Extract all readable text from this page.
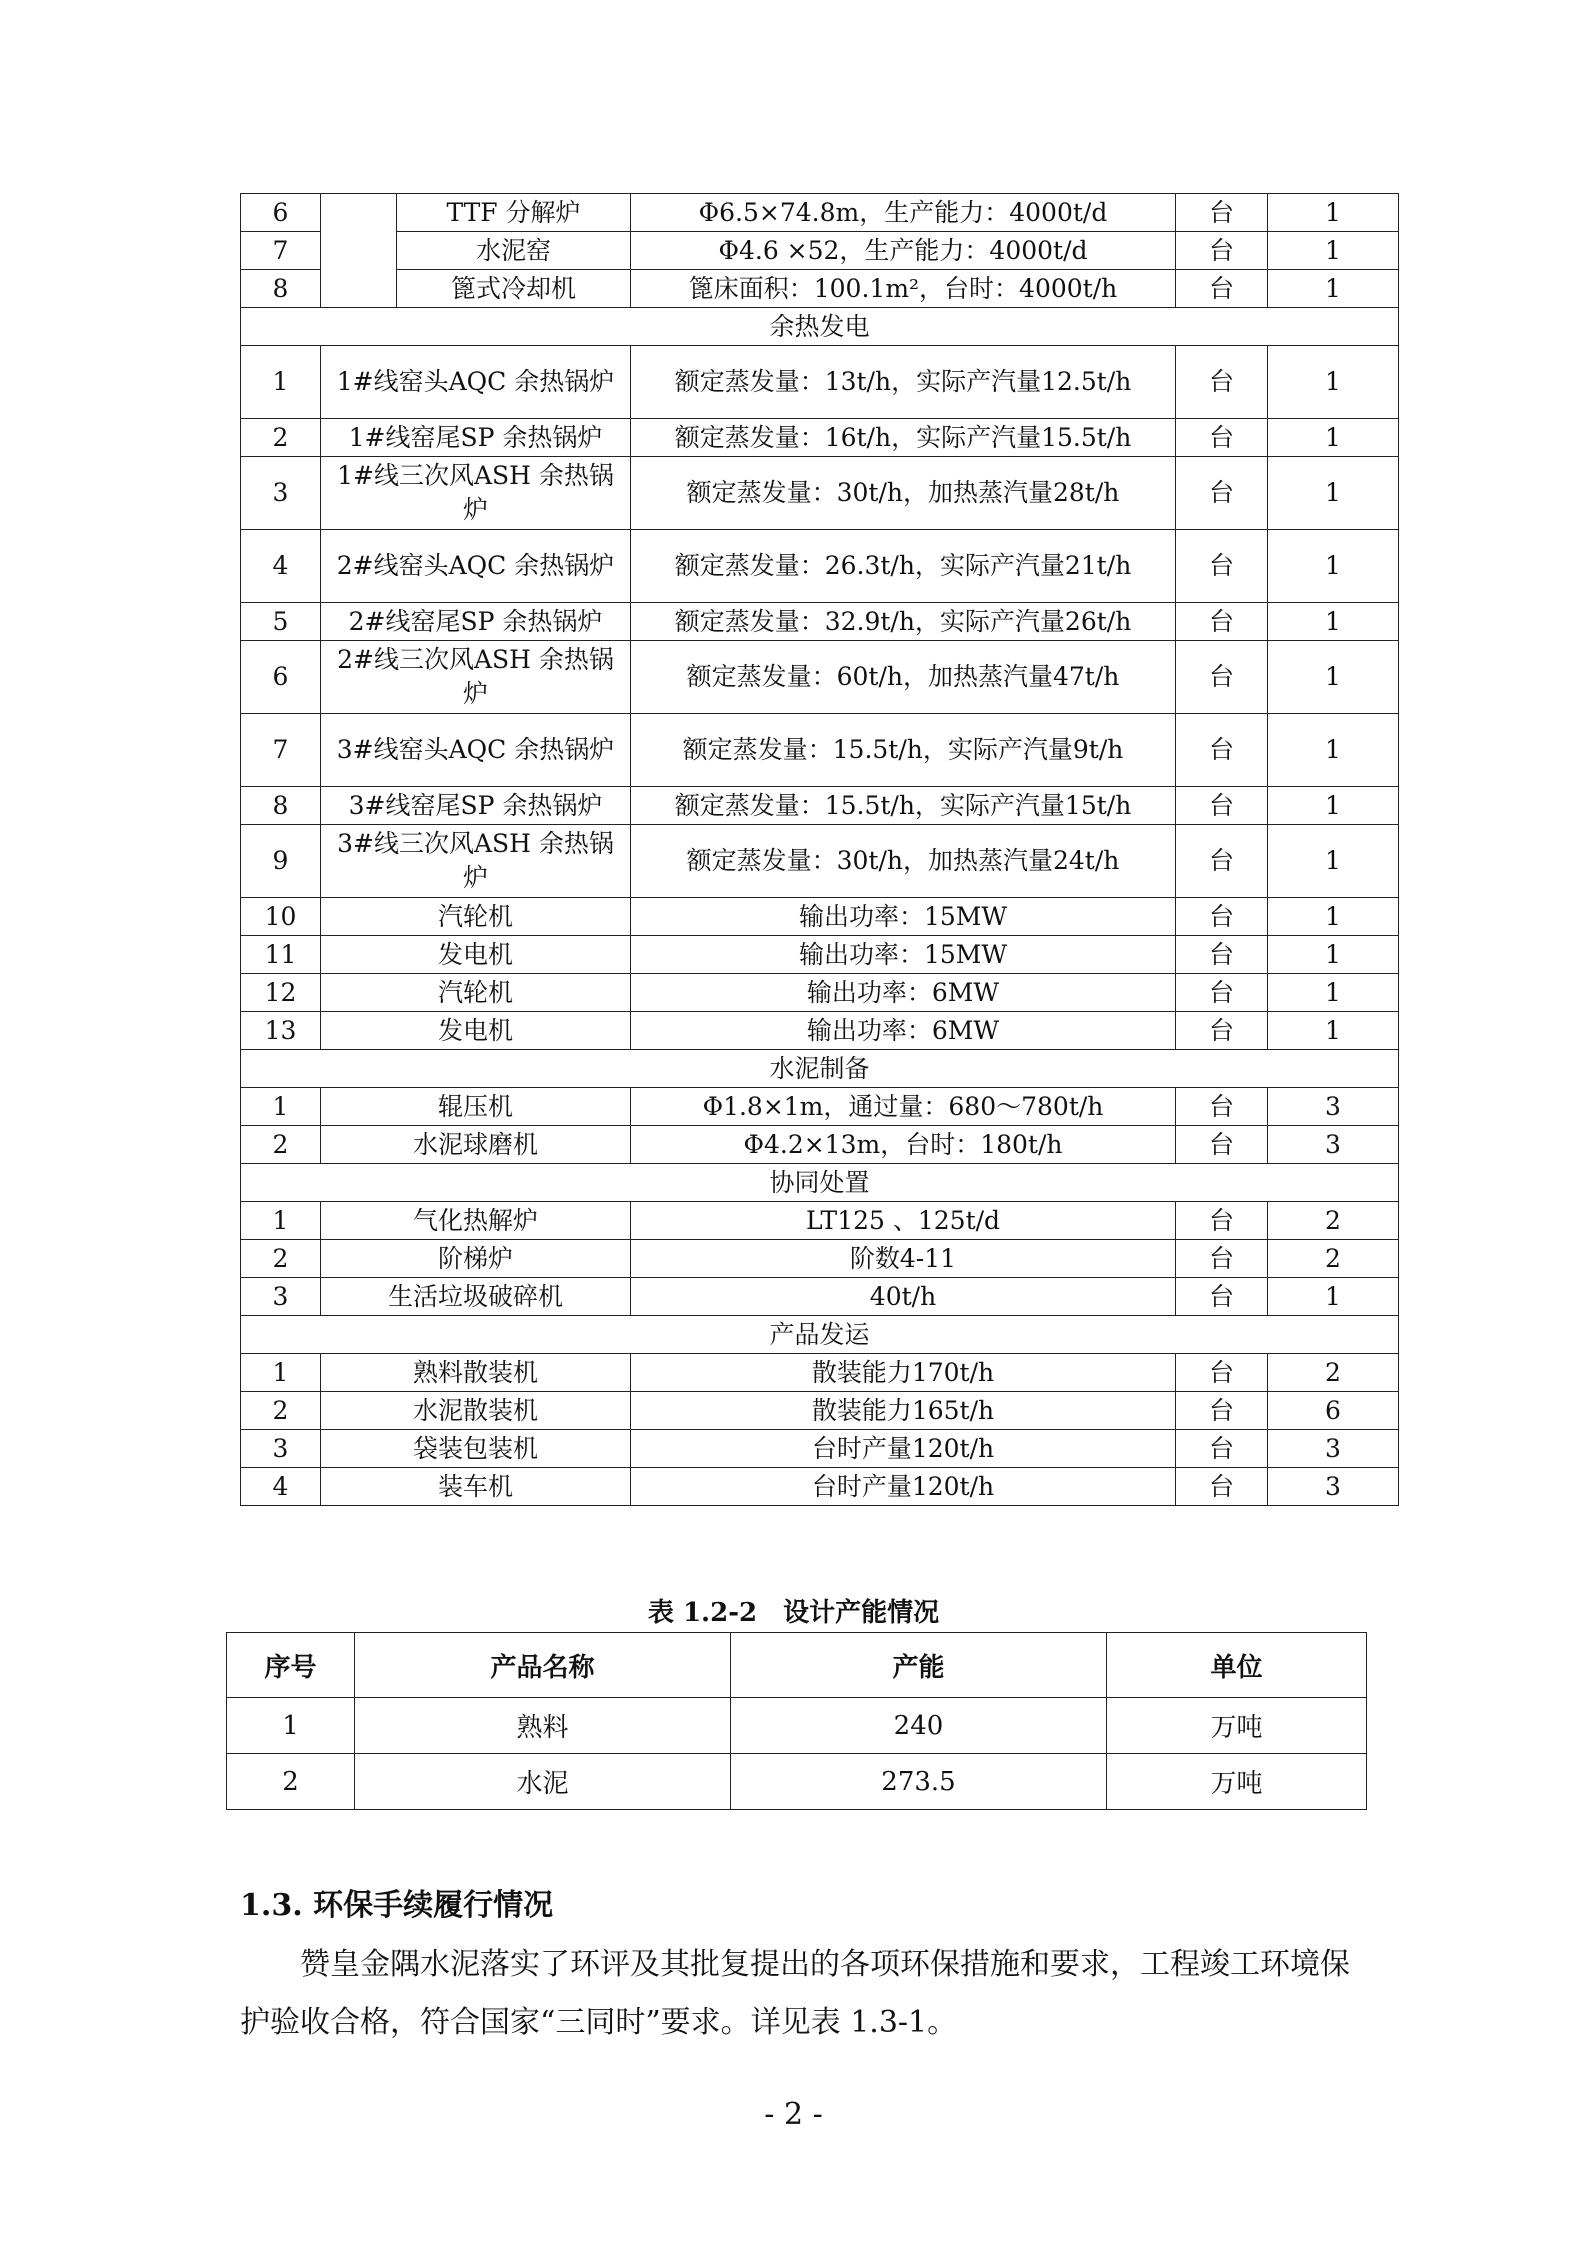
6		TTF 分解炉	Φ6.5×74.8m，生产能力：4000t/d	台	1
7		水泥窑	Φ4.6 ×52，生产能力：4000t/d	台	1
8		篦式冷却机	篦床面积：100.1m²，台时：4000t/h	台	1
余热发电					
1	1#线窑头AQC 余热锅炉		额定蒸发量：13t/h，实际产汽量12.5t/h	台	1
2	1#线窑尾SP 余热锅炉		额定蒸发量：16t/h，实际产汽量15.5t/h	台	1
3	1#线三次风ASH 余热锅炉		额定蒸发量：30t/h，加热蒸汽量28t/h	台	1
4	2#线窑头AQC 余热锅炉		额定蒸发量：26.3t/h，实际产汽量21t/h	台	1
5	2#线窑尾SP 余热锅炉		额定蒸发量：32.9t/h，实际产汽量26t/h	台	1
6	2#线三次风ASH 余热锅炉		额定蒸发量：60t/h，加热蒸汽量47t/h	台	1
7	3#线窑头AQC 余热锅炉		额定蒸发量：15.5t/h，实际产汽量9t/h	台	1
8	3#线窑尾SP 余热锅炉		额定蒸发量：15.5t/h，实际产汽量15t/h	台	1
9	3#线三次风ASH 余热锅炉		额定蒸发量：30t/h，加热蒸汽量24t/h	台	1
10	汽轮机		输出功率：15MW	台	1
11	发电机		输出功率：15MW	台	1
12	汽轮机		输出功率：6MW	台	1
13	发电机		输出功率：6MW	台	1
水泥制备					
1	辊压机		Φ1.8×1m，通过量：680～780t/h	台	3
2	水泥球磨机		Φ4.2×13m，台时：180t/h	台	3
协同处置					
1	气化热解炉		LT125 、125t/d	台	2
2	阶梯炉		阶数4-11	台	2
3	生活垃圾破碎机		40t/h	台	1
产品发运					
1	熟料散装机		散装能力170t/h	台	2
2	水泥散装机		散装能力165t/h	台	6
3	袋装包装机		台时产量120t/h	台	3
4	装车机		台时产量120t/h	台	3
表 1.2-2　设计产能情况
序号	产品名称	产能	单位
1	熟料	240	万吨
2	水泥	273.5	万吨
1.3. 环保手续履行情况

赞皇金隅水泥落实了环评及其批复提出的各项环保措施和要求，工程竣工环境保护验收合格，符合国家“三同时”要求。详见表 1.3-1。

- 2 -
